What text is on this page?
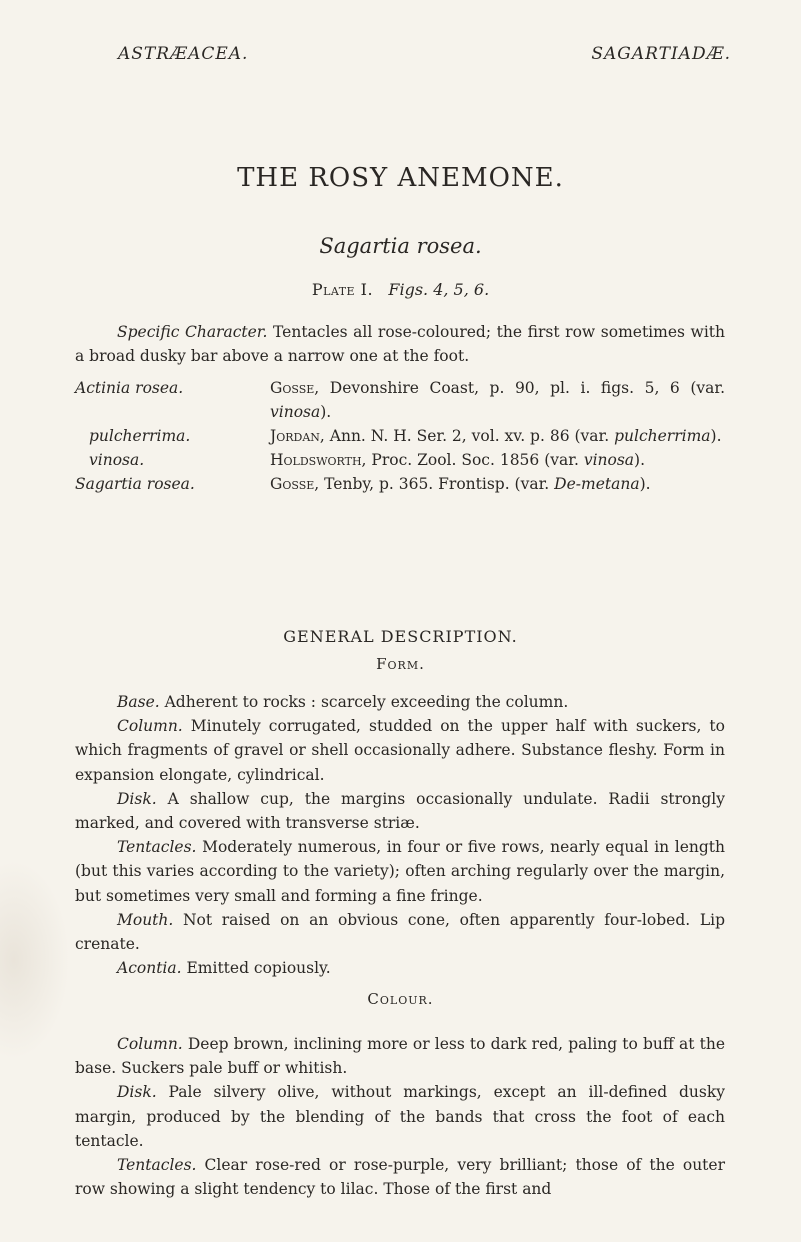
ASTRÆACEA.	SAGARTIADÆ.
THE ROSY ANEMONE.
Sagartia rosea.
Plate I. Figs. 4, 5, 6.
Specific Character. Tentacles all rose-coloured; the first row sometimes with a broad dusky bar above a narrow one at the foot.
Actinia rosea.	Gosse, Devonshire Coast, p. 90, pl. i. figs. 5, 6 (var. vinosa).
pulcherrima.	Jordan, Ann. N. H. Ser. 2, vol. xv. p. 86 (var. pulcherrima).
vinosa.	Holdsworth, Proc. Zool. Soc. 1856 (var. vinosa).
Sagartia rosea.	Gosse, Tenby, p. 365. Frontisp. (var. De-metana).
GENERAL DESCRIPTION.
Form.

Base. Adherent to rocks : scarcely exceeding the column.

Column. Minutely corrugated, studded on the upper half with suckers, to which fragments of gravel or shell occasionally adhere. Substance fleshy. Form in expansion elongate, cylindrical.

Disk. A shallow cup, the margins occasionally undulate. Radii strongly marked, and covered with transverse striæ.

Tentacles. Moderately numerous, in four or five rows, nearly equal in length (but this varies according to the variety); often arching regularly over the margin, but sometimes very small and forming a fine fringe.

Mouth. Not raised on an obvious cone, often apparently four-lobed. Lip crenate.

Acontia. Emitted copiously.

Colour.

Column. Deep brown, inclining more or less to dark red, paling to buff at the base. Suckers pale buff or whitish.

Disk. Pale silvery olive, without markings, except an ill-defined dusky margin, produced by the blending of the bands that cross the foot of each tentacle.

Tentacles. Clear rose-red or rose-purple, very brilliant; those of the outer row showing a slight tendency to lilac. Those of the first and
